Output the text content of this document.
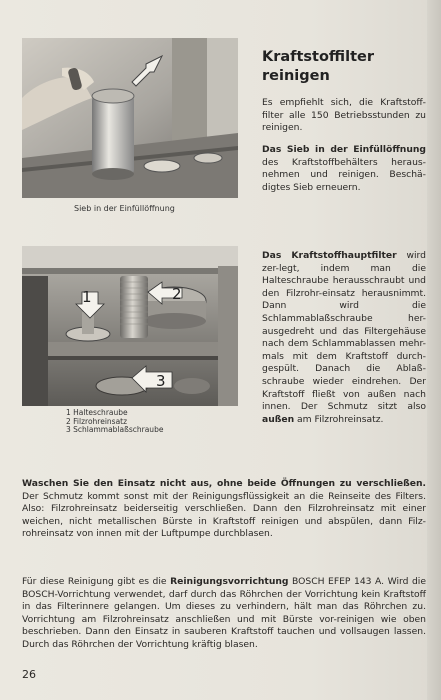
Sieb in der Einfüllöffnung
Kraftstoffilter
reinigen
Es empfiehlt sich, die Kraftstoff-filter alle 150 Betriebsstunden zu reinigen.
Das Sieb in der Einfüllöffnung des Kraftstoffbehälters heraus-nehmen und reinigen. Beschä-digtes Sieb erneuern.
1	2
3
1 Halteschraube
2 Filzrohreinsatz
3 Schlammablaßschraube
Das Kraftstoffhauptfilter wird zer-legt, indem man die Halteschraube herausschraubt und den Filzrohr-einsatz herausnimmt. Dann wird die Schlammablaßschraube her-ausgedreht und das Filtergehäuse nach dem Schlammablassen mehr-mals mit dem Kraftstoff durch-gespült. Danach die Ablaß-schraube wieder eindrehen. Der Kraftstoff fließt von außen nach innen. Der Schmutz sitzt also außen am Filzrohreinsatz.
Waschen Sie den Einsatz nicht aus, ohne beide Öffnungen zu verschließen. Der Schmutz kommt sonst mit der Reinigungsflüssigkeit an die Reinseite des Filters. Also: Filzrohreinsatz beiderseitig verschließen. Dann den Filzrohreinsatz mit einer weichen, nicht metallischen Bürste in Kraftstoff reinigen und abspülen, dann Filz-rohreinsatz von innen mit der Luftpumpe durchblasen.
Für diese Reinigung gibt es die Reinigungsvorrichtung BOSCH EFEP 143 A. Wird die BOSCH-Vorrichtung verwendet, darf durch das Röhrchen der Vorrichtung kein Kraftstoff in das Filterinnere gelangen. Um dieses zu verhindern, hält man das Röhrchen zu. Vorrichtung am Filzrohreinsatz anschließen und mit Bürste vor-reinigen wie oben beschrieben. Dann den Einsatz in sauberen Kraftstoff tauchen und vollsaugen lassen. Durch das Röhrchen der Vorrichtung kräftig blasen.
26
